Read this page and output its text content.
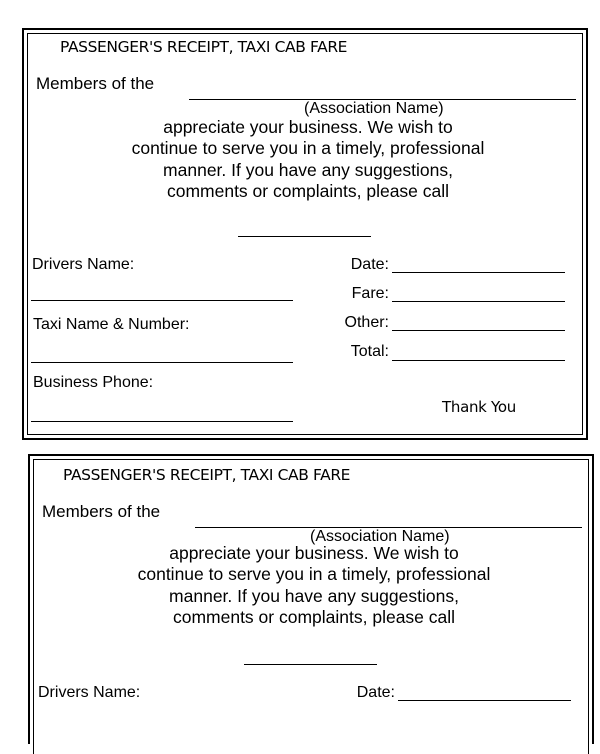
PASSENGER'S RECEIPT, TAXI CAB FARE
Members of the
(Association Name)
appreciate your business. We wish to
continue to serve you in a timely, professional
manner. If you have any suggestions,
comments or complaints, please call
Drivers Name:
Taxi Name & Number:
Business Phone:
Date:
Fare:
Other:
Total:
Thank You
PASSENGER'S RECEIPT, TAXI CAB FARE
Members of the
(Association Name)
appreciate your business. We wish to
continue to serve you in a timely, professional
manner. If you have any suggestions,
comments or complaints, please call
Drivers Name:	Date:
